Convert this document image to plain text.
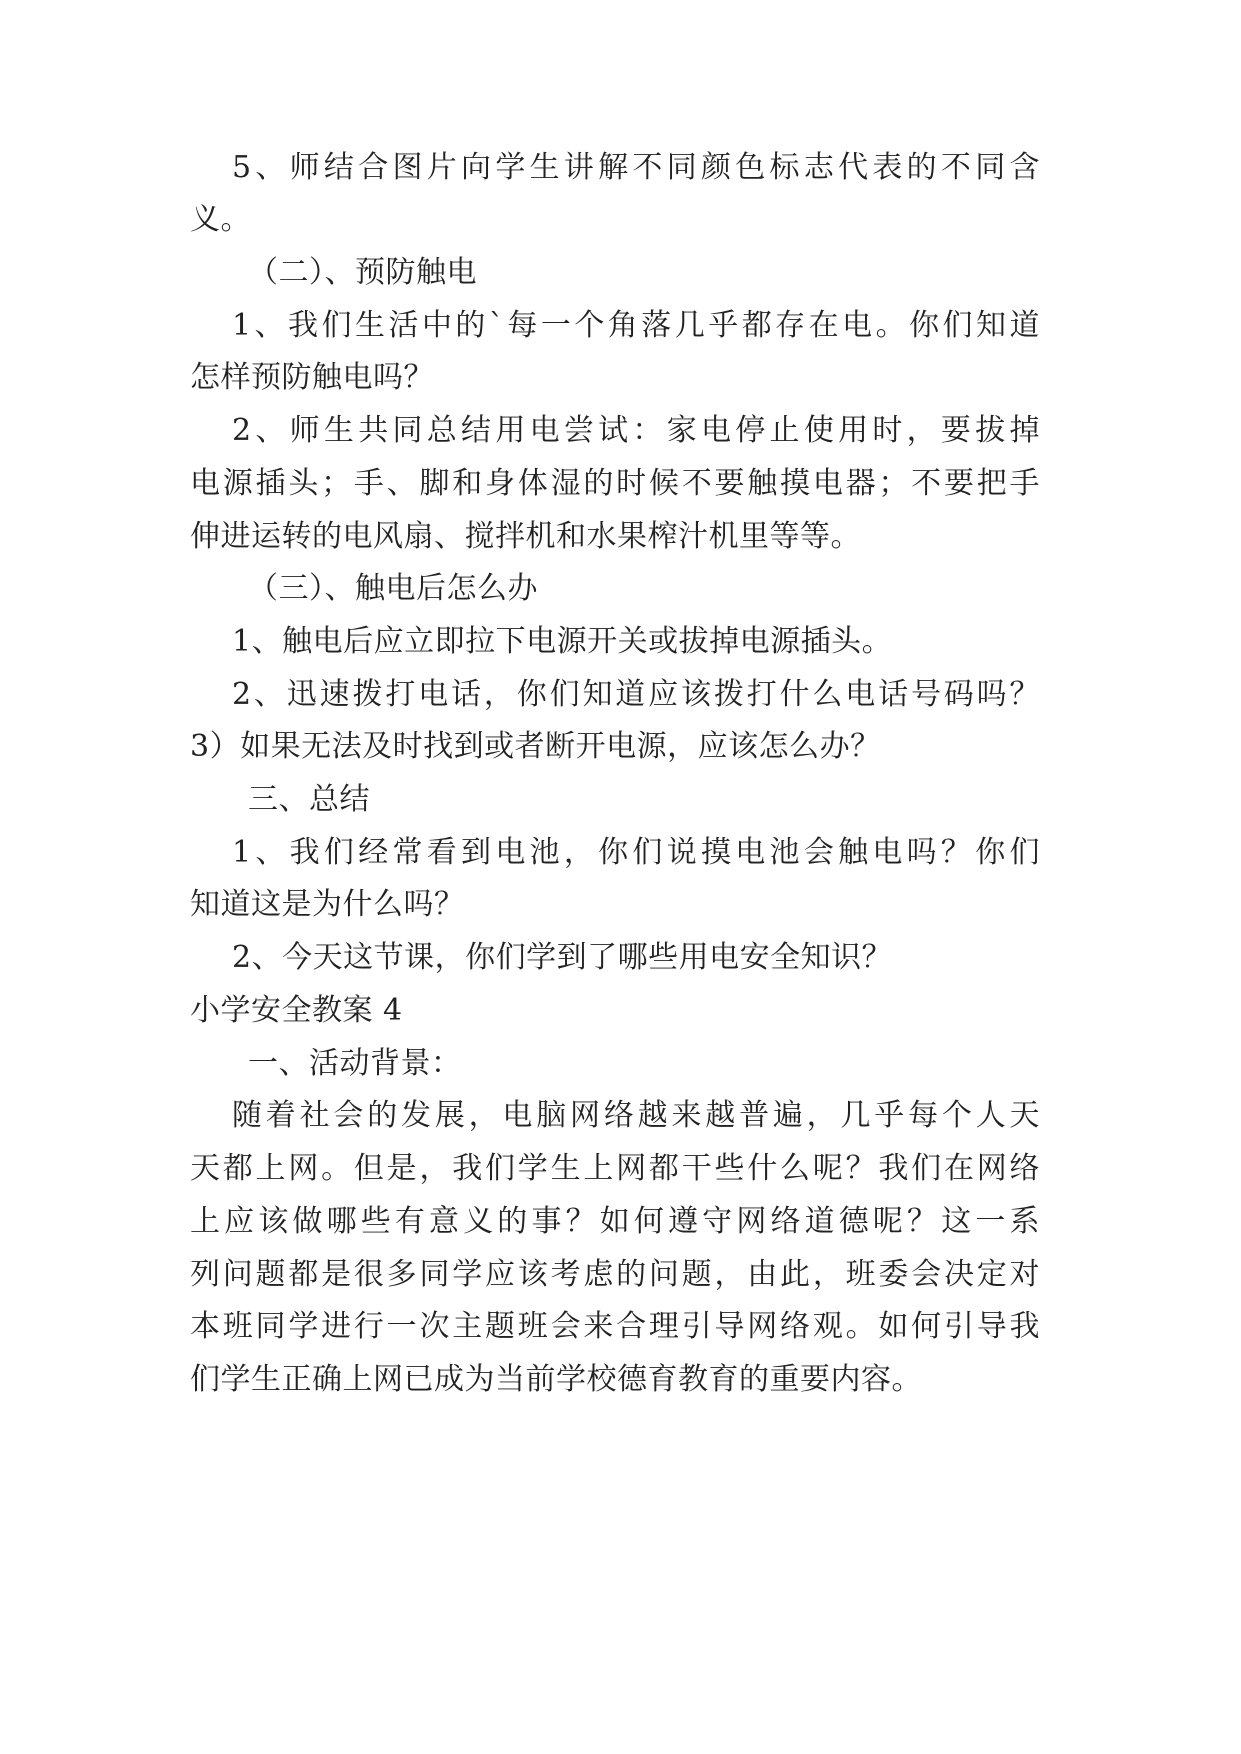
5、师结合图片向学生讲解不同颜色标志代表的不同含
义。
（二）、预防触电
1、我们生活中的`每一个角落几乎都存在电。你们知道
怎样预防触电吗？
2、师生共同总结用电尝试：家电停止使用时，要拔掉
电源插头；手、脚和身体湿的时候不要触摸电器；不要把手
伸进运转的电风扇、搅拌机和水果榨汁机里等等。
（三）、触电后怎么办
1、触电后应立即拉下电源开关或拔掉电源插头。
2、迅速拨打电话，你们知道应该拨打什么电话号码吗？
3）如果无法及时找到或者断开电源，应该怎么办？
三、总结
1、我们经常看到电池，你们说摸电池会触电吗？你们
知道这是为什么吗？
2、今天这节课，你们学到了哪些用电安全知识？
小学安全教案 4
一、活动背景：
随着社会的发展，电脑网络越来越普遍，几乎每个人天
天都上网。但是，我们学生上网都干些什么呢？我们在网络
上应该做哪些有意义的事？如何遵守网络道德呢？这一系
列问题都是很多同学应该考虑的问题，由此，班委会决定对
本班同学进行一次主题班会来合理引导网络观。如何引导我
们学生正确上网已成为当前学校德育教育的重要内容。
